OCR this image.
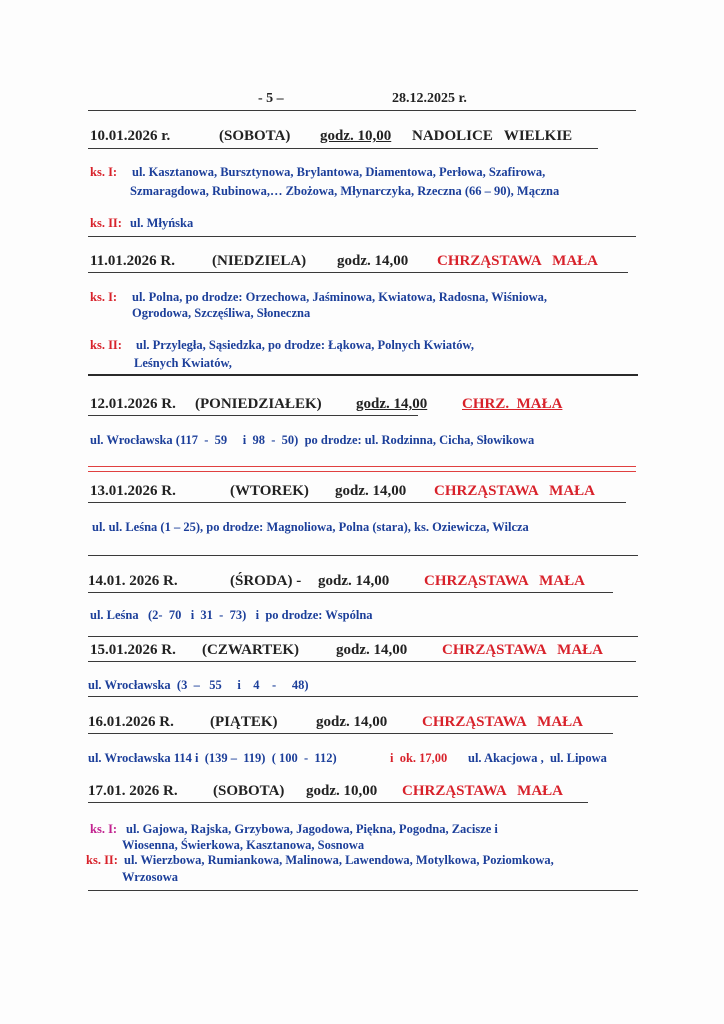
- 5 –	28.12.2025 r.
10.01.2026 r.	(SOBOTA) godz. 10,00 NADOLICE   WIELKIE
ks. I: ul. Kasztanowa, Bursztynowa, Brylantowa, Diamentowa, Perłowa, Szafirowa,
Szmaragdowa, Rubinowa,… Zbożowa, Młynarczyka, Rzeczna (66 – 90), Mączna
ks. II: ul. Młyńska
11.01.2026 R. (NIEDZIELA) godz. 14,00 CHRZĄSTAWA   MAŁA
ks. I: ul. Polna, po drodze: Orzechowa, Jaśminowa, Kwiatowa, Radosna, Wiśniowa,
Ogrodowa, Szczęśliwa, Słoneczna
ks. II: ul. Przyległa, Sąsiedzka, po drodze: Łąkowa, Polnych Kwiatów,
Leśnych Kwiatów,
12.01.2026 R. (PONIEDZIAŁEK) godz. 14,00 CHRZ.  MAŁA
ul. Wrocławska (117  -  59     i  98  -  50)  po drodze: ul. Rodzinna, Cicha, Słowikowa
13.01.2026 R.	(WTOREK) godz. 14,00 CHRZĄSTAWA   MAŁA
ul. ul. Leśna (1 – 25), po drodze: Magnoliowa, Polna (stara), ks. Oziewicza, Wilcza
14.01. 2026 R.	(ŚRODA) - godz. 14,00 CHRZĄSTAWA   MAŁA
ul. Leśna   (2-  70   i  31  -  73)   i  po drodze: Wspólna
15.01.2026 R. (CZWARTEK) godz. 14,00 CHRZĄSTAWA   MAŁA
ul. Wrocławska  (3  –   55     i    4    -     48)
16.01.2026 R. (PIĄTEK)	godz. 14,00 CHRZĄSTAWA   MAŁA
ul. Wrocławska 114 i  (139 –  119)  ( 100  -  112)	i  ok. 17,00 ul. Akacjowa ,  ul. Lipowa
17.01. 2026 R. (SOBOTA) godz. 10,00 CHRZĄSTAWA   MAŁA
ks. I: ul. Gajowa, Rajska, Grzybowa, Jagodowa, Piękna, Pogodna, Zacisze i
Wiosenna, Świerkowa, Kasztanowa, Sosnowa
ks. II: ul. Wierzbowa, Rumiankowa, Malinowa, Lawendowa, Motylkowa, Poziomkowa,
Wrzosowa
